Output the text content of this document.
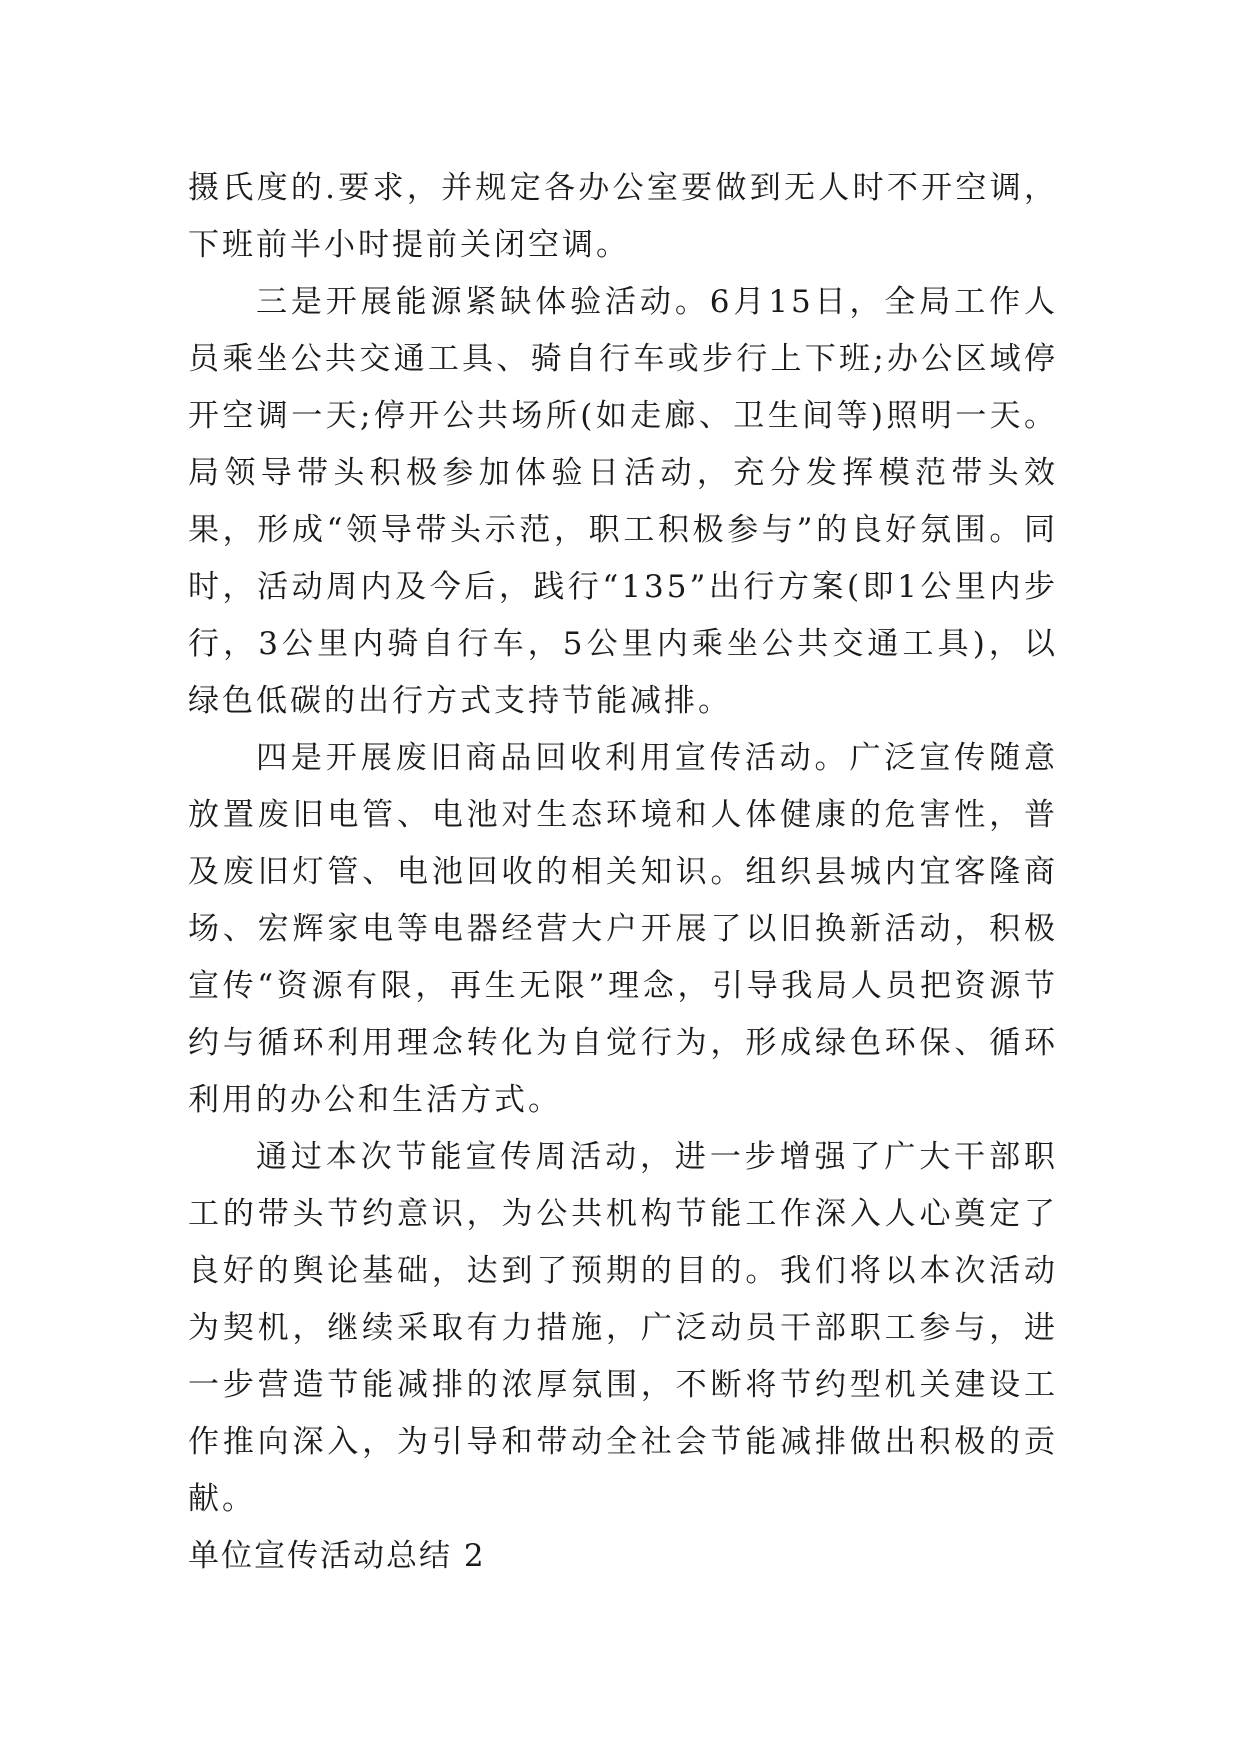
摄氏度的.要求，并规定各办公室要做到无人时不开空调，下班前半小时提前关闭空调。

三是开展能源紧缺体验活动。6月15日，全局工作人员乘坐公共交通工具、骑自行车或步行上下班;办公区域停开空调一天;停开公共场所(如走廊、卫生间等)照明一天。局领导带头积极参加体验日活动，充分发挥模范带头效果，形成“领导带头示范，职工积极参与”的良好氛围。同时，活动周内及今后，践行“135”出行方案(即1公里内步行，3公里内骑自行车，5公里内乘坐公共交通工具)，以绿色低碳的出行方式支持节能减排。

四是开展废旧商品回收利用宣传活动。广泛宣传随意放置废旧电管、电池对生态环境和人体健康的危害性，普及废旧灯管、电池回收的相关知识。组织县城内宜客隆商场、宏辉家电等电器经营大户开展了以旧换新活动，积极宣传“资源有限，再生无限”理念，引导我局人员把资源节约与循环利用理念转化为自觉行为，形成绿色环保、循环利用的办公和生活方式。

通过本次节能宣传周活动，进一步增强了广大干部职工的带头节约意识，为公共机构节能工作深入人心奠定了良好的舆论基础，达到了预期的目的。我们将以本次活动为契机，继续采取有力措施，广泛动员干部职工参与，进一步营造节能减排的浓厚氛围，不断将节约型机关建设工作推向深入，为引导和带动全社会节能减排做出积极的贡献。

单位宣传活动总结 2
